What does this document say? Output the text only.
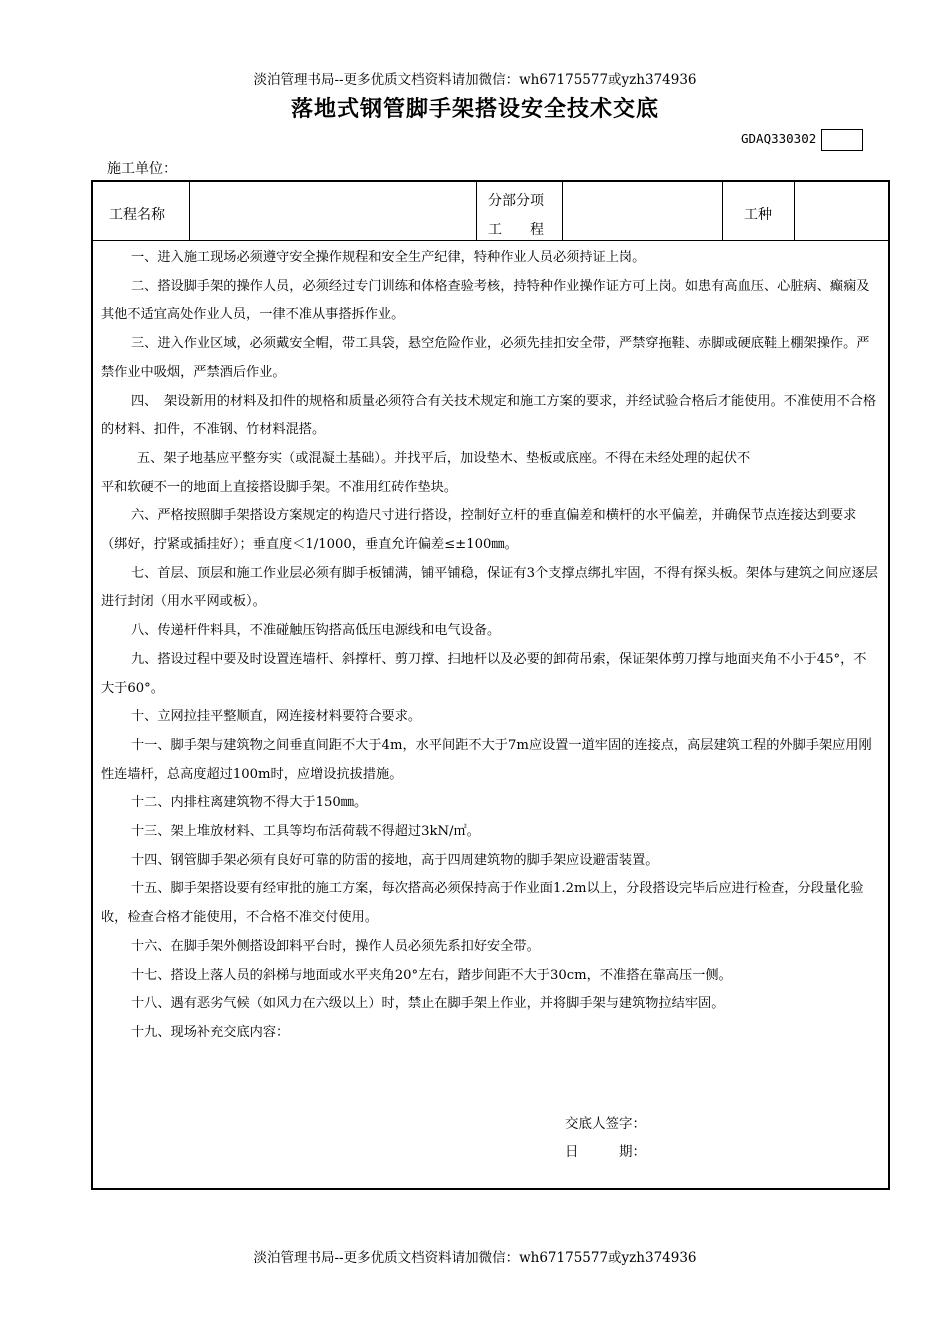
淡泊管理书局--更多优质文档资料请加微信：wh67175577或yzh374936
落地式钢管脚手架搭设安全技术交底
GDAQ330302
施工单位：
工程名称
分部分项
工　　程
工种

一、进入施工现场必须遵守安全操作规程和安全生产纪律，特种作业人员必须持证上岗。

二、搭设脚手架的操作人员，必须经过专门训练和体格查验考核，持特种作业操作证方可上岗。如患有高血压、心脏病、癫痫及其他不适宜高处作业人员，一律不准从事搭拆作业。

三、进入作业区域，必须戴安全帽，带工具袋，悬空危险作业，必须先挂扣安全带，严禁穿拖鞋、赤脚或硬底鞋上棚架操作。严禁作业中吸烟，严禁酒后作业。

四、　架设新用的材料及扣件的规格和质量必须符合有关技术规定和施工方案的要求，并经试验合格后才能使用。不准使用不合格的材料、扣件，不准钢、竹材料混搭。

五、架子地基应平整夯实（或混凝土基础）。并找平后，加设垫木、垫板或底座。不得在未经处理的起伏不

平和软硬不一的地面上直接搭设脚手架。不准用红砖作垫块。

六、严格按照脚手架搭设方案规定的构造尺寸进行搭设，控制好立杆的垂直偏差和横杆的水平偏差，并确保节点连接达到要求（绑好，拧紧或插挂好）；垂直度＜1/1000，垂直允许偏差≤±100㎜。

七、首层、顶层和施工作业层必须有脚手板铺满，铺平铺稳，保证有3个支撑点绑扎牢固，不得有探头板。架体与建筑之间应逐层进行封闭（用水平网或板）。

八、传递杆件料具，不准碰触压钩搭高低压电源线和电气设备。

九、搭设过程中要及时设置连墙杆、斜撑杆、剪刀撑、扫地杆以及必要的卸荷吊索，保证架体剪刀撑与地面夹角不小于45°，不大于60°。

十、立网拉挂平整顺直，网连接材料要符合要求。

十一、脚手架与建筑物之间垂直间距不大于4m，水平间距不大于7m应设置一道牢固的连接点，高层建筑工程的外脚手架应用刚性连墙杆，总高度超过100m时，应增设抗拔措施。

十二、内排柱离建筑物不得大于150㎜。

十三、架上堆放材料、工具等均布活荷载不得超过3kN/㎡。

十四、钢管脚手架必须有良好可靠的防雷的接地，高于四周建筑物的脚手架应设避雷装置。

十五、脚手架搭设要有经审批的施工方案，每次搭高必须保持高于作业面1.2m以上，分段搭设完毕后应进行检查，分段量化验收，检查合格才能使用，不合格不准交付使用。

十六、在脚手架外侧搭设卸料平台时，操作人员必须先系扣好安全带。

十七、搭设上落人员的斜梯与地面或水平夹角20°左右，踏步间距不大于30cm，不准搭在靠高压一侧。

十八、遇有恶劣气候（如风力在六级以上）时，禁止在脚手架上作业，并将脚手架与建筑物拉结牢固。

十九、现场补充交底内容：

交底人签字：
日　　　期：
淡泊管理书局--更多优质文档资料请加微信：wh67175577或yzh374936
